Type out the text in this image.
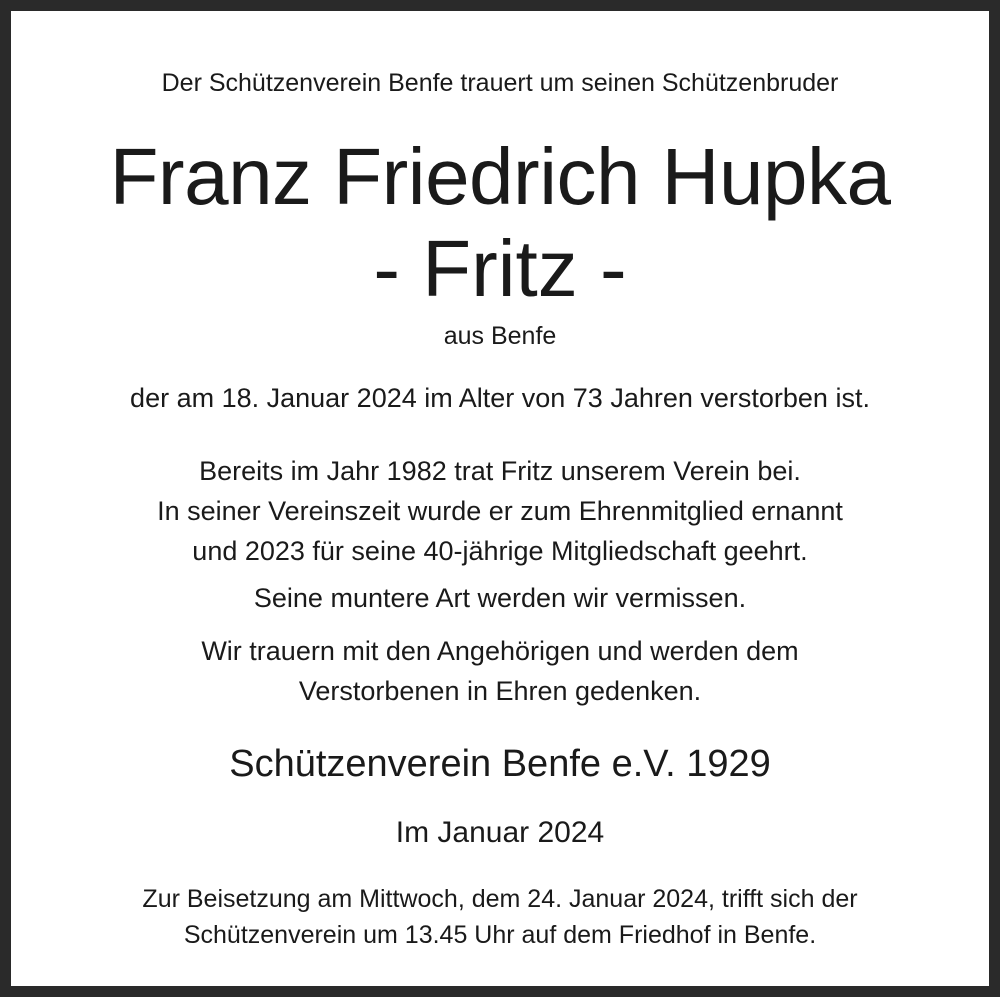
Der Schützenverein Benfe trauert um seinen Schützenbruder

Franz Friedrich Hupka

- Fritz -

aus Benfe

der am 18. Januar 2024 im Alter von 73 Jahren verstorben ist.

Bereits im Jahr 1982 trat Fritz unserem Verein bei.
In seiner Vereinszeit wurde er zum Ehrenmitglied ernannt
und 2023 für seine 40-jährige Mitgliedschaft geehrt.

Seine muntere Art werden wir vermissen.

Wir trauern mit den Angehörigen und werden dem
Verstorbenen in Ehren gedenken.

Schützenverein Benfe e.V. 1929

Im Januar 2024

Zur Beisetzung am Mittwoch, dem 24. Januar 2024, trifft sich der
Schützenverein um 13.45 Uhr auf dem Friedhof in Benfe.
